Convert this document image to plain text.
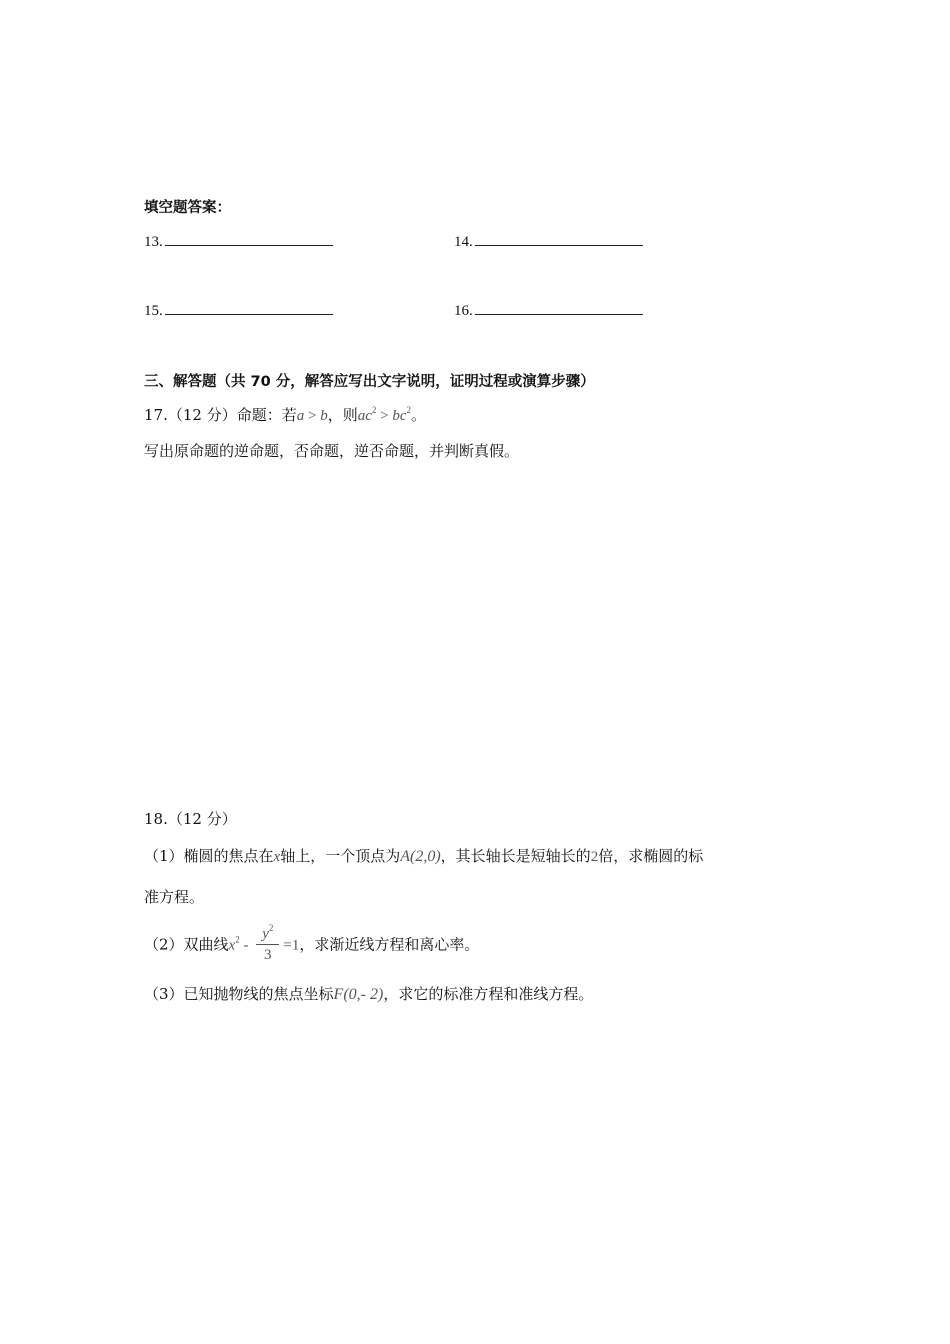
填空题答案：
13.	14.
15.	16.
三、解答题（共 70 分，解答应写出文字说明，证明过程或演算步骤）
17.（12 分）命题：若a > b，则$ac^2 > bc^2$。
写出原命题的逆命题，否命题，逆否命题，并判断真假。
18.（12 分）
（1）椭圆的焦点在x轴上，一个顶点为A(2,0)，其长轴长是短轴长的2倍，求椭圆的标
准方程。
（2）双曲线$x^2 - \frac{y^2}{3} =1$，求渐近线方程和离心率。
（3）已知抛物线的焦点坐标F(0,- 2)，求它的标准方程和准线方程。
